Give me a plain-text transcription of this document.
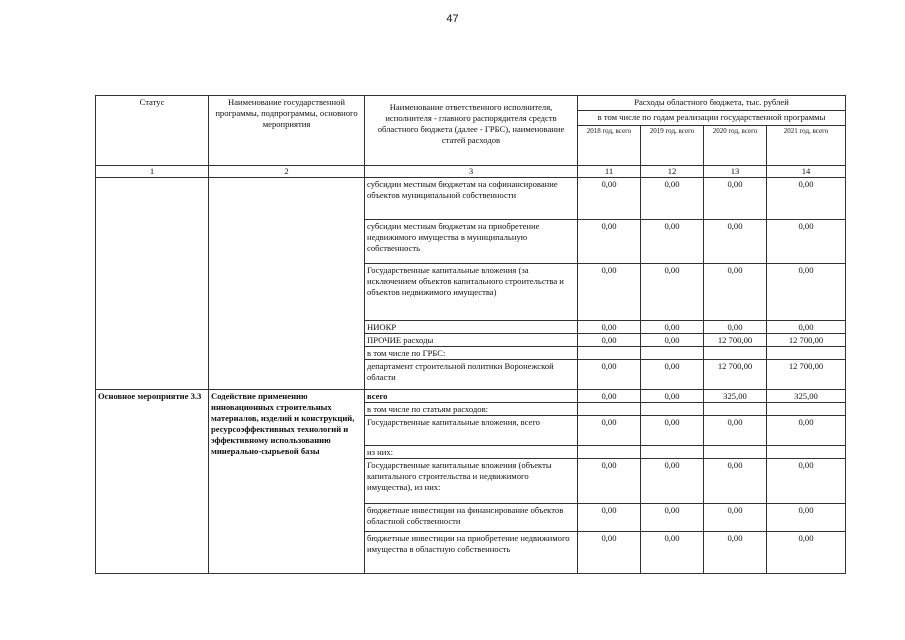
47
Статус	Наименование государственной программы, подпрограммы, основного мероприятия	Наименование ответственного исполнителя, исполнителя - главного распорядителя средств областного бюджета (далее - ГРБС), наименование статей расходов	Расходы областного бюджета, тыс. рублей			
			в том числе по годам реализации государственной программы			
			2018 год, всего	2019 год, всего	2020 год, всего	2021 год, всего
1	2	3	11	12	13	14
		субсидии местным бюджетам на софинансирование объектов муниципальной собственности	0,00	0,00	0,00	0,00
		субсидии местным бюджетам на приобретение недвижимого имущества в муниципальную собственность	0,00	0,00	0,00	0,00
		Государственные капитальные вложения (за исключением объектов капитального строительства и объектов недвижимого имущества)	0,00	0,00	0,00	0,00
		НИОКР	0,00	0,00	0,00	0,00
		ПРОЧИЕ расходы	0,00	0,00	12 700,00	12 700,00
		в том числе по ГРБС:				
		департамент строительной политики Воронежской области	0,00	0,00	12 700,00	12 700,00
Основное мероприятие 3.3	Содействие применению инновационных строительных материалов, изделий и конструкций, ресурсоэффективных технологий и эффективному использованию минерально-сырьевой базы	всего	0,00	0,00	325,00	325,00
		в том числе по статьям расходов:				
		Государственные капитальные вложения, всего	0,00	0,00	0,00	0,00
		из них:				
		Государственные капитальные вложения (объекты капитального строительства и недвижимого имущества), из них:	0,00	0,00	0,00	0,00
		бюджетные инвестиции на финансирование объектов областной собственности	0,00	0,00	0,00	0,00
		бюджетные инвестиции на приобретение недвижимого имущества в областную собственность	0,00	0,00	0,00	0,00
